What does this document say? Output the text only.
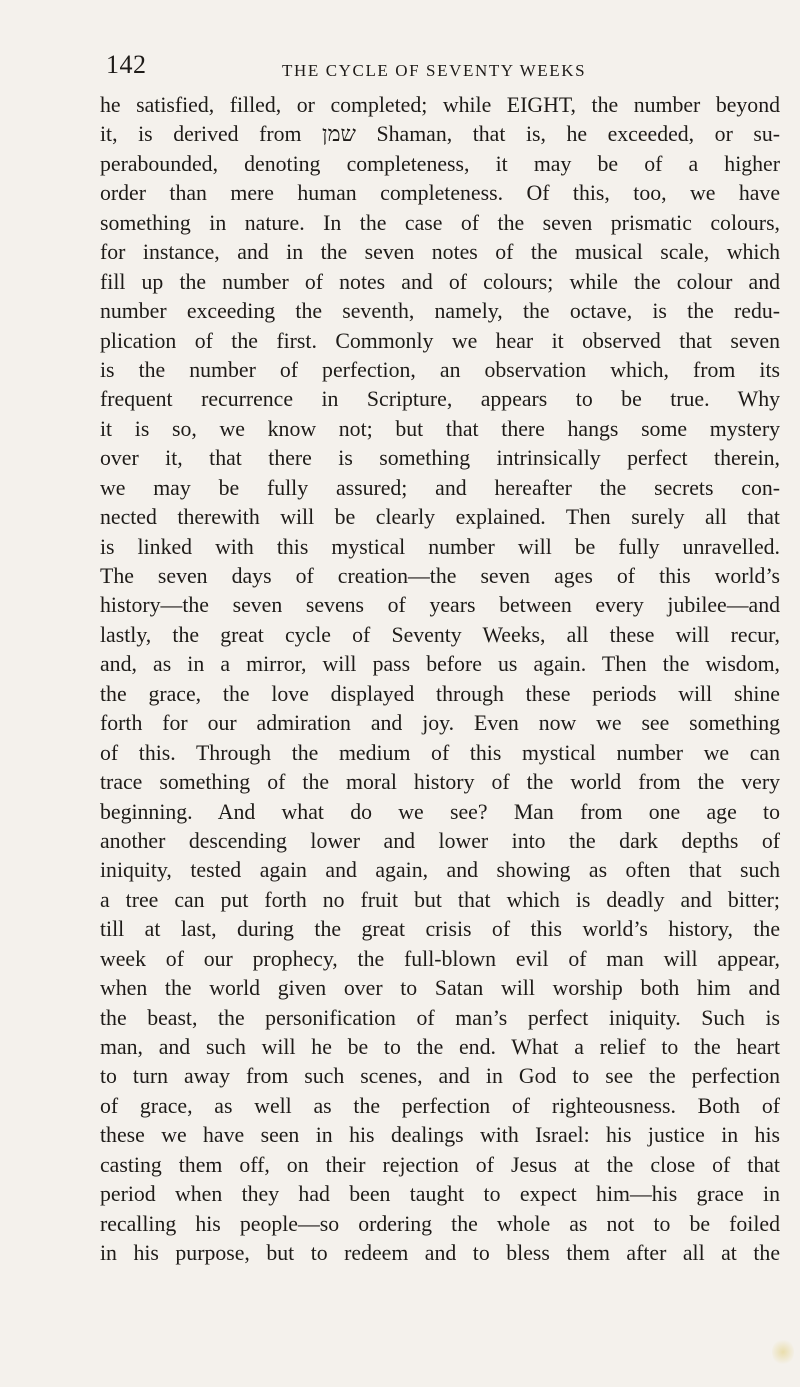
142	THE CYCLE OF SEVENTY WEEKS
he satisfied, filled, or completed; while EIGHT, the number beyond
it, is derived from שמן Shaman, that is, he exceeded, or su-
perabounded, denoting completeness, it may be of a higher
order than mere human completeness. Of this, too, we have
something in nature. In the case of the seven prismatic colours,
for instance, and in the seven notes of the musical scale, which
fill up the number of notes and of colours; while the colour and
number exceeding the seventh, namely, the octave, is the redu-
plication of the first. Commonly we hear it observed that seven
is the number of perfection, an observation which, from its
frequent recurrence in Scripture, appears to be true. Why
it is so, we know not; but that there hangs some mystery
over it, that there is something intrinsically perfect therein,
we may be fully assured; and hereafter the secrets con-
nected therewith will be clearly explained. Then surely all that
is linked with this mystical number will be fully unravelled.
The seven days of creation—the seven ages of this world’s
history—the seven sevens of years between every jubilee—and
lastly, the great cycle of Seventy Weeks, all these will recur,
and, as in a mirror, will pass before us again. Then the wisdom,
the grace, the love displayed through these periods will shine
forth for our admiration and joy. Even now we see something
of this. Through the medium of this mystical number we can
trace something of the moral history of the world from the very
beginning. And what do we see? Man from one age to
another descending lower and lower into the dark depths of
iniquity, tested again and again, and showing as often that such
a tree can put forth no fruit but that which is deadly and bitter;
till at last, during the great crisis of this world’s history, the
week of our prophecy, the full-blown evil of man will appear,
when the world given over to Satan will worship both him and
the beast, the personification of man’s perfect iniquity. Such is
man, and such will he be to the end. What a relief to the heart
to turn away from such scenes, and in God to see the perfection
of grace, as well as the perfection of righteousness. Both of
these we have seen in his dealings with Israel: his justice in his
casting them off, on their rejection of Jesus at the close of that
period when they had been taught to expect him—his grace in
recalling his people—so ordering the whole as not to be foiled
in his purpose, but to redeem and to bless them after all at the
